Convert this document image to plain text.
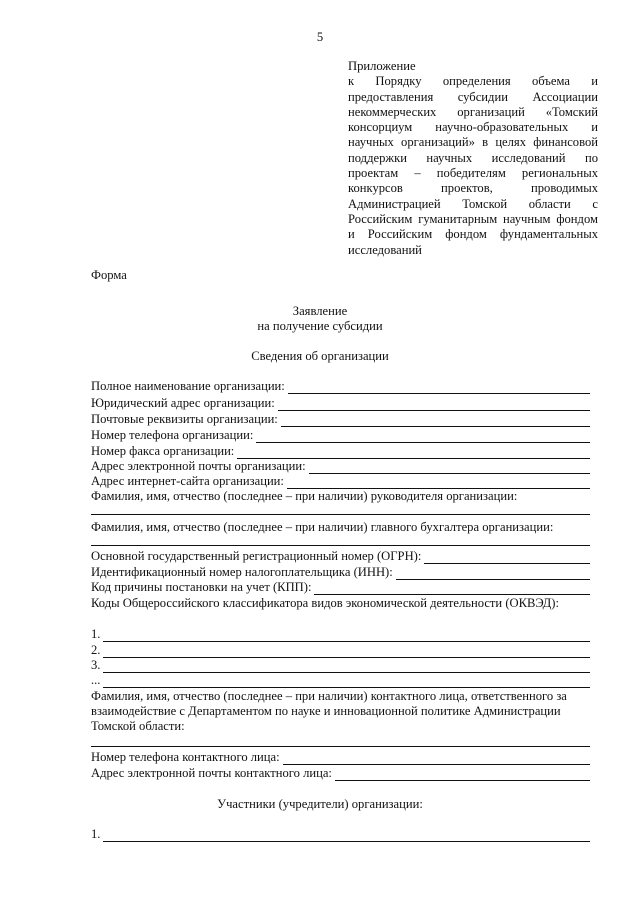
5
Приложение
к Порядку определения объема и предоставления субсидии Ассоциации некоммерческих организаций «Томский консорциум научно-образовательных и научных организаций» в целях финансовой поддержки научных исследований по проектам – победителям региональных конкурсов проектов, проводимых Администрацией Томской области с Российским гуманитарным научным фондом и Российским фондом фундаментальных исследований
Форма
Заявление
на получение субсидии
Сведения об организации
Полное наименование организации:
Юридический адрес организации:
Почтовые реквизиты организации:
Номер телефона организации:
Номер факса организации:
Адрес электронной почты организации:
Адрес интернет-сайта организации:
Фамилия, имя, отчество (последнее – при наличии) руководителя организации:
Фамилия, имя, отчество (последнее – при наличии) главного бухгалтера организации:
Основной государственный регистрационный номер (ОГРН):
Идентификационный номер налогоплательщика (ИНН):
Код причины постановки на учет (КПП):
Коды Общероссийского классификатора видов экономической деятельности (ОКВЭД):
1.
2.
3.
...
Фамилия, имя, отчество (последнее – при наличии) контактного лица, ответственного за взаимодействие с Департаментом по науке и инновационной политике Администрации Томской области:
Номер телефона контактного лица:
Адрес электронной почты контактного лица:
Участники (учредители) организации:
1.
